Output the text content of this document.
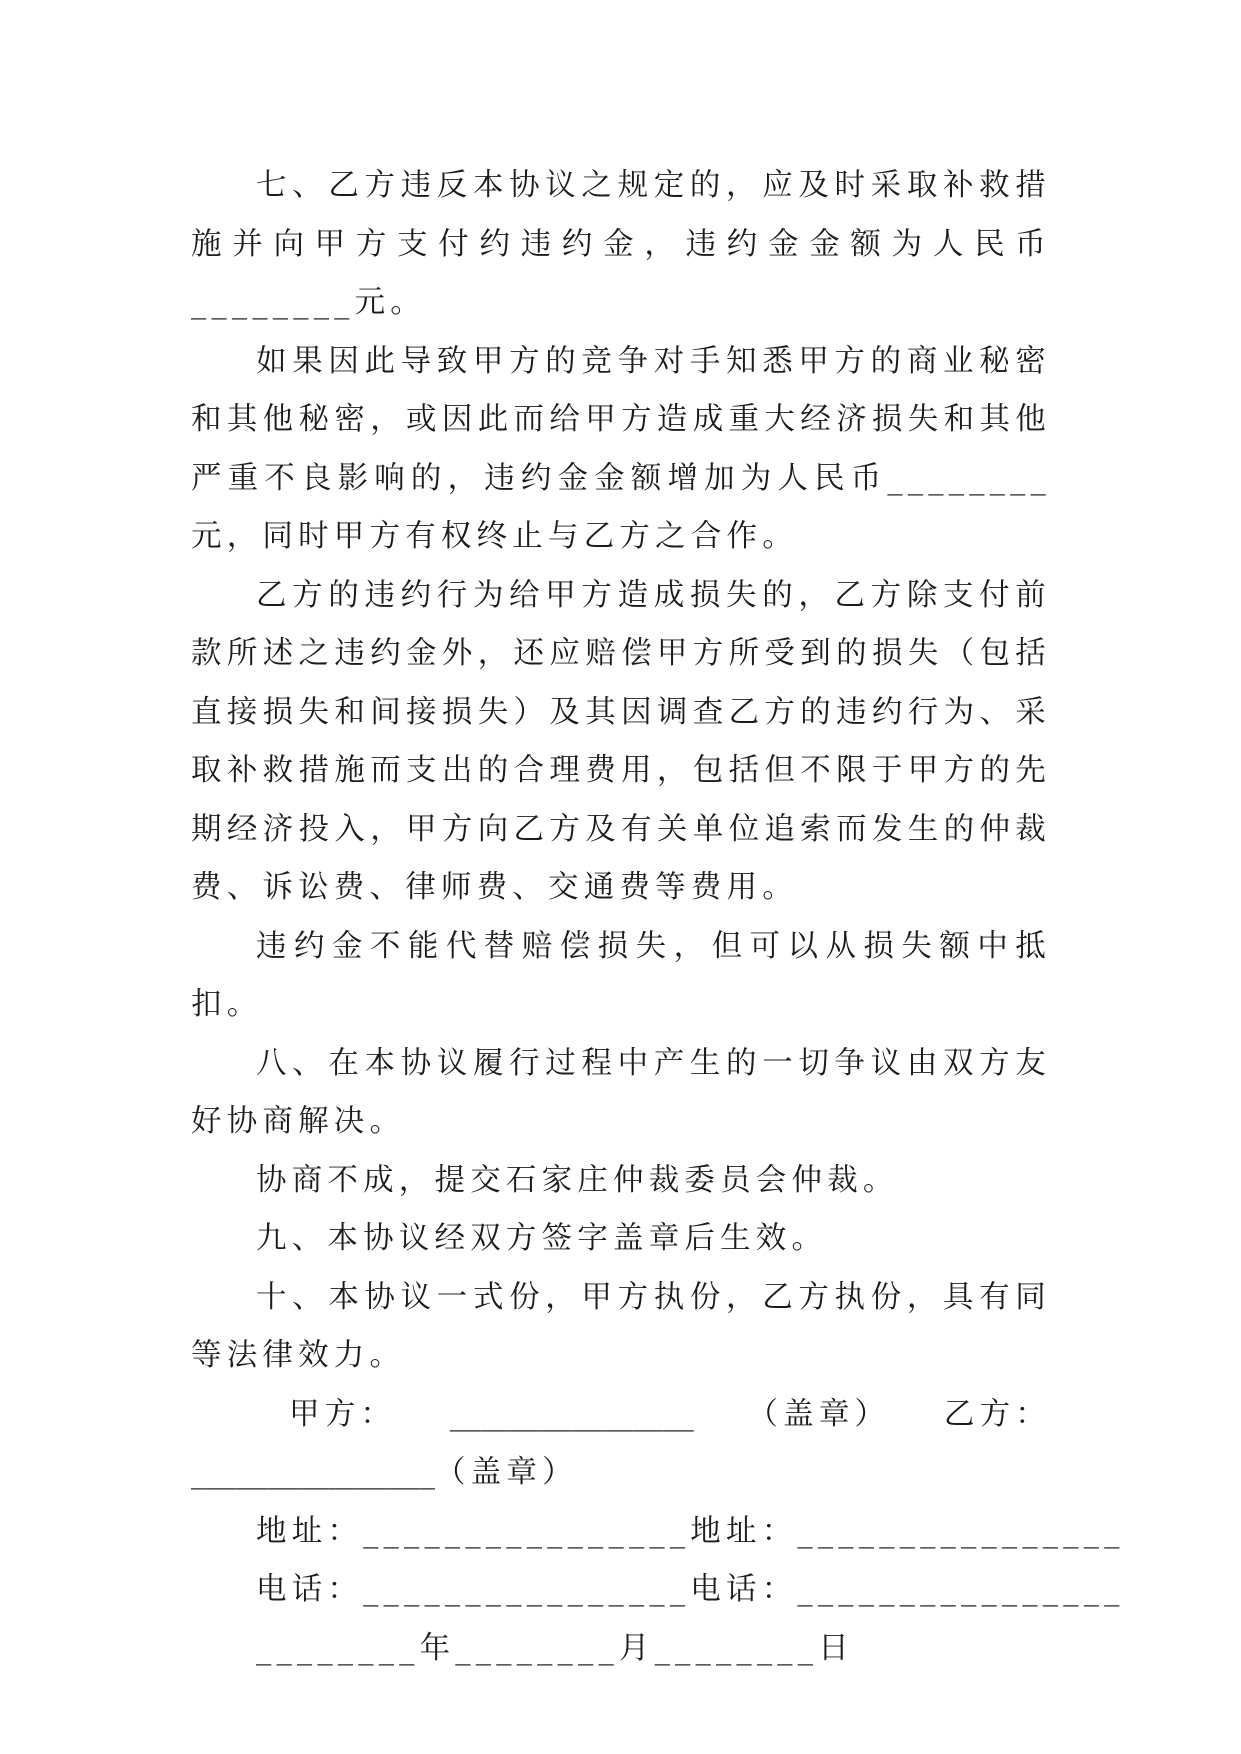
七、乙方违反本协议之规定的，应及时采取补救措施并向甲方支付约违约金，违约金金额为人民币________元。

如果因此导致甲方的竞争对手知悉甲方的商业秘密和其他秘密，或因此而给甲方造成重大经济损失和其他严重不良影响的，违约金金额增加为人民币________元，同时甲方有权终止与乙方之合作。

乙方的违约行为给甲方造成损失的，乙方除支付前款所述之违约金外，还应赔偿甲方所受到的损失（包括直接损失和间接损失）及其因调查乙方的违约行为、采取补救措施而支出的合理费用，包括但不限于甲方的先期经济投入，甲方向乙方及有关单位追索而发生的仲裁费、诉讼费、律师费、交通费等费用。

违约金不能代替赔偿损失，但可以从损失额中抵扣。

八、在本协议履行过程中产生的一切争议由双方友好协商解决。

协商不成，提交石家庄仲裁委员会仲裁。

九、本协议经双方签字盖章后生效。

十、本协议一式份，甲方执份，乙方执份，具有同等法律效力。

甲方： ________________ （盖章） 乙方：
________________（盖章）
地址：________________地址：________________
电话：________________电话：________________
________年________月________日
